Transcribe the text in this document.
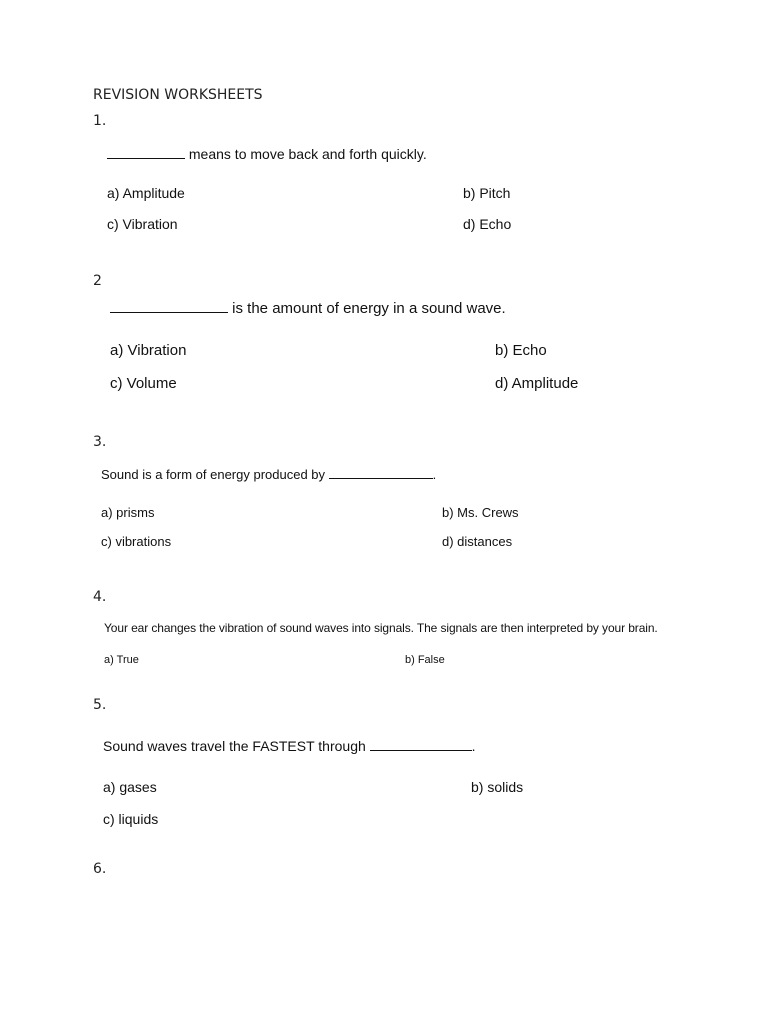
REVISION WORKSHEETS
1.
means to move back and forth quickly.
a) Amplitude	b) Pitch
c) Vibration	d) Echo
2
is the amount of energy in a sound wave.
a) Vibration	b) Echo
c) Volume	d) Amplitude
3.
Sound is a form of energy produced by	.
a) prisms	b) Ms. Crews
c) vibrations	d) distances
4.
Your ear changes the vibration of sound waves into signals. The signals are then interpreted by your brain.
a) True	b) False
5.
Sound waves travel the FASTEST through	.
a) gases	b) solids
c) liquids
6.
